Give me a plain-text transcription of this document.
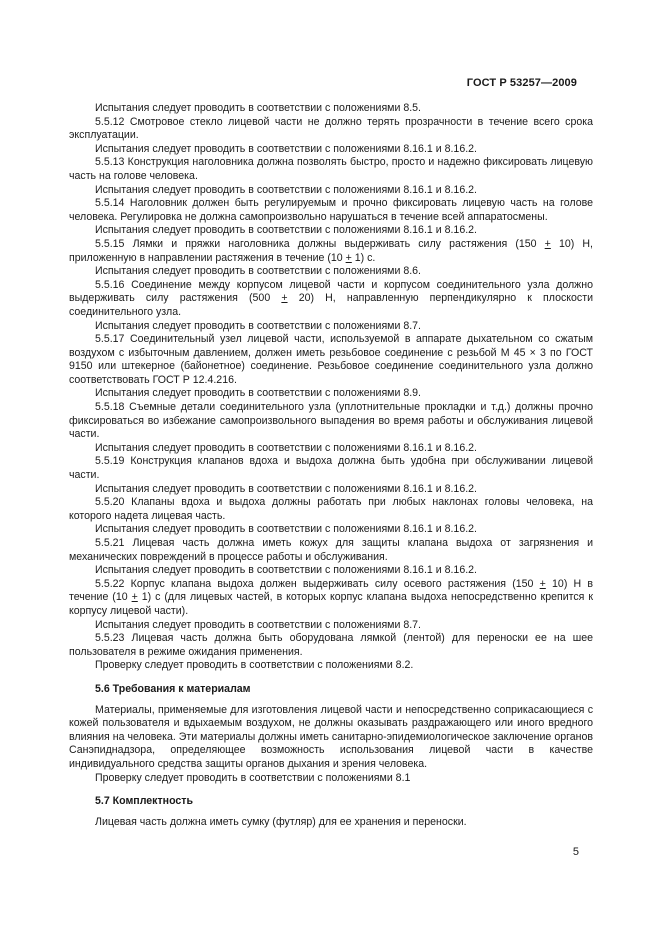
ГОСТ Р 53257—2009

Испытания следует проводить в соответствии с положениями 8.5.

5.5.12 Смотровое стекло лицевой части не должно терять прозрачности в течение всего срока эксплуатации.

Испытания следует проводить в соответствии с положениями 8.16.1 и 8.16.2.

5.5.13 Конструкция наголовника должна позволять быстро, просто и надежно фиксировать лицевую часть на голове человека.

Испытания следует проводить в соответствии с положениями 8.16.1 и 8.16.2.

5.5.14 Наголовник должен быть регулируемым и прочно фиксировать лицевую часть на голове человека. Регулировка не должна самопроизвольно нарушаться в течение всей аппаратосмены.

Испытания следует проводить в соответствии с положениями 8.16.1 и 8.16.2.

5.5.15 Лямки и пряжки наголовника должны выдерживать силу растяжения (150 + 10) Н, приложенную в направлении растяжения в течение (10 + 1) с.

Испытания следует проводить в соответствии с положениями 8.6.

5.5.16 Соединение между корпусом лицевой части и корпусом соединительного узла должно выдерживать силу растяжения (500 + 20) Н, направленную перпендикулярно к плоскости соединительного узла.

Испытания следует проводить в соответствии с положениями 8.7.

5.5.17 Соединительный узел лицевой части, используемой в аппарате дыхательном со сжатым воздухом с избыточным давлением, должен иметь резьбовое соединение с резьбой М 45 × 3 по ГОСТ 9150 или штекерное (байонетное) соединение. Резьбовое соединение соединительного узла должно соответствовать ГОСТ Р 12.4.216.

Испытания следует проводить в соответствии с положениями 8.9.

5.5.18 Съемные детали соединительного узла (уплотнительные прокладки и т.д.) должны прочно фиксироваться во избежание самопроизвольного выпадения во время работы и обслуживания лицевой части.

Испытания следует проводить в соответствии с положениями 8.16.1 и 8.16.2.

5.5.19 Конструкция клапанов вдоха и выдоха должна быть удобна при обслуживании лицевой части.

Испытания следует проводить в соответствии с положениями 8.16.1 и 8.16.2.

5.5.20 Клапаны вдоха и выдоха должны работать при любых наклонах головы человека, на которого надета лицевая часть.

Испытания следует проводить в соответствии с положениями 8.16.1 и 8.16.2.

5.5.21 Лицевая часть должна иметь кожух для защиты клапана выдоха от загрязнения и механических повреждений в процессе работы и обслуживания.

Испытания следует проводить в соответствии с положениями 8.16.1 и 8.16.2.

5.5.22 Корпус клапана выдоха должен выдерживать силу осевого растяжения (150 + 10) Н в течение (10 + 1) с (для лицевых частей, в которых корпус клапана выдоха непосредственно крепится к корпусу лицевой части).

Испытания следует проводить в соответствии с положениями 8.7.

5.5.23 Лицевая часть должна быть оборудована лямкой (лентой) для переноски ее на шее пользователя в режиме ожидания применения.

Проверку следует проводить в соответствии с положениями 8.2.

5.6 Требования к материалам

Материалы, применяемые для изготовления лицевой части и непосредственно соприкасающиеся с кожей пользователя и вдыхаемым воздухом, не должны оказывать раздражающего или иного вредного влияния на человека. Эти материалы должны иметь санитарно-эпидемиологическое заключение органов Санэпиднадзора, определяющее возможность использования лицевой части в качестве индивидуального средства защиты органов дыхания и зрения человека.

Проверку следует проводить в соответствии с положениями 8.1

5.7 Комплектность

Лицевая часть должна иметь сумку (футляр) для ее хранения и переноски.

5
